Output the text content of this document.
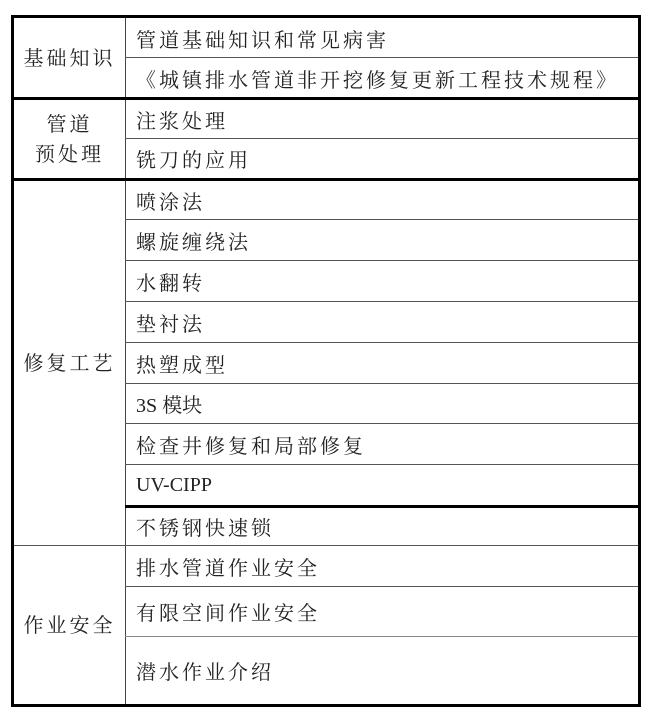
基础知识
管道基础知识和常见病害
《城镇排水管道非开挖修复更新工程技术规程》
管道
预处理
注浆处理
铣刀的应用
修复工艺
喷涂法
螺旋缠绕法
水翻转
垫衬法
热塑成型
3S 模块
检查井修复和局部修复
UV-CIPP
不锈钢快速锁
作业安全
排水管道作业安全
有限空间作业安全
潜水作业介绍
